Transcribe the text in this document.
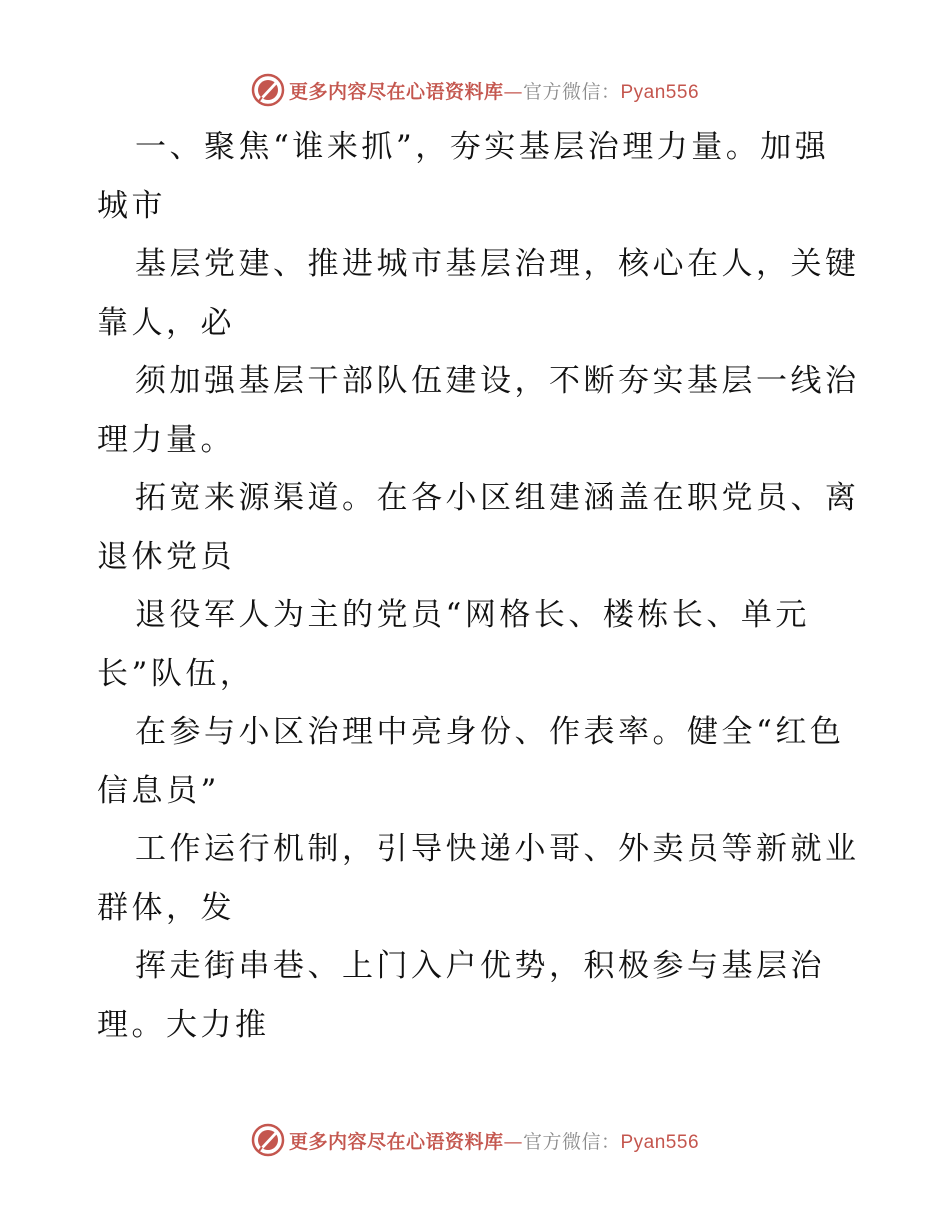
更多内容尽在心语资料库—官方微信：Pyan556
一、聚焦“谁来抓”，夯实基层治理力量。加强
城市
基层党建、推进城市基层治理，核心在人，关键
靠人，必
须加强基层干部队伍建设，不断夯实基层一线治
理力量。
拓宽来源渠道。在各小区组建涵盖在职党员、离
退休党员
退役军人为主的党员“网格长、楼栋长、单元
长”队伍，
在参与小区治理中亮身份、作表率。健全“红色
信息员”
工作运行机制，引导快递小哥、外卖员等新就业
群体，发
挥走街串巷、上门入户优势，积极参与基层治
理。大力推
更多内容尽在心语资料库—官方微信：Pyan556
